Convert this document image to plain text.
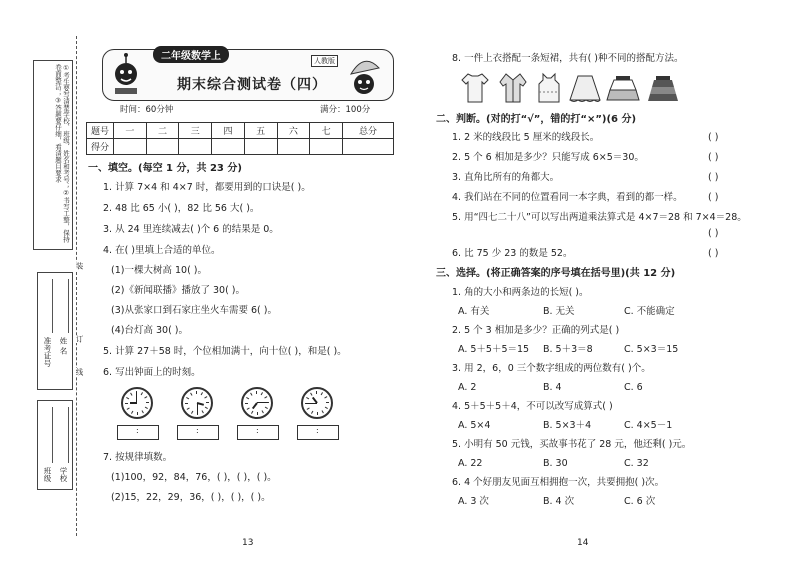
①考生要写清楚学校、班级、姓名和考号；②书写工整，保持卷面整洁；③答题要仔细，看清题目要求
装
订
线
姓 名
准考证号
学校
班级
二年级数学上	人教版
期末综合测试卷（四）
时间：60分钟	满分：100分
题号	一	二	三	四	五	六	七	总分
得分								
一、填空。(每空 1 分，共 23 分)
1. 计算 7×4 和 4×7 时，都要用到的口诀是( )。
2. 48 比 65 小( )，82 比 56 大( )。
3. 从 24 里连续减去( )个 6 的结果是 0。
4. 在( )里填上合适的单位。
(1)一棵大树高 10( )。
(2)《新闻联播》播放了 30( )。
(3)从张家口到石家庄坐火车需要 6( )。
(4)台灯高 30( )。
5. 计算 27＋58 时，个位相加满十，向十位( )，和是( )。
6. 写出钟面上的时刻。
:	:	:	:
7. 按规律填数。
(1)100，92，84，76，( )，( )，( )。
(2)15，22，29，36，( )，( )，( )。
13
8. 一件上衣搭配一条短裙，共有( )种不同的搭配方法。
二、判断。(对的打“√”，错的打“×”)(6 分)
1. 2 米的线段比 5 厘米的线段长。	( )
2. 5 个 6 相加是多少？只能写成 6×5＝30。	( )
3. 直角比所有的角都大。	( )
4. 我们站在不同的位置看同一本字典，看到的都一样。	( )
5. 用“四七二十八”可以写出两道乘法算式是 4×7＝28 和 7×4＝28。
( )
6. 比 75 少 23 的数是 52。	( )
三、选择。(将正确答案的序号填在括号里)(共 12 分)
1. 角的大小和两条边的长短( )。
A. 有关	B. 无关	C. 不能确定
2. 5 个 3 相加是多少？正确的列式是( )
A. 5＋5＋5＝15 B. 5＋3＝8	C. 5×3＝15
3. 用 2，6，0 三个数字组成的两位数有( )个。
A. 2	B. 4	C. 6
4. 5＋5＋5＋4，不可以改写成算式( )
A. 5×4	B. 5×3＋4	C. 4×5－1
5. 小明有 50 元钱，买故事书花了 28 元，他还剩( )元。
A. 22	B. 30	C. 32
6. 4 个好朋友见面互相拥抱一次，共要拥抱( )次。
A. 3 次	B. 4 次	C. 6 次
14
